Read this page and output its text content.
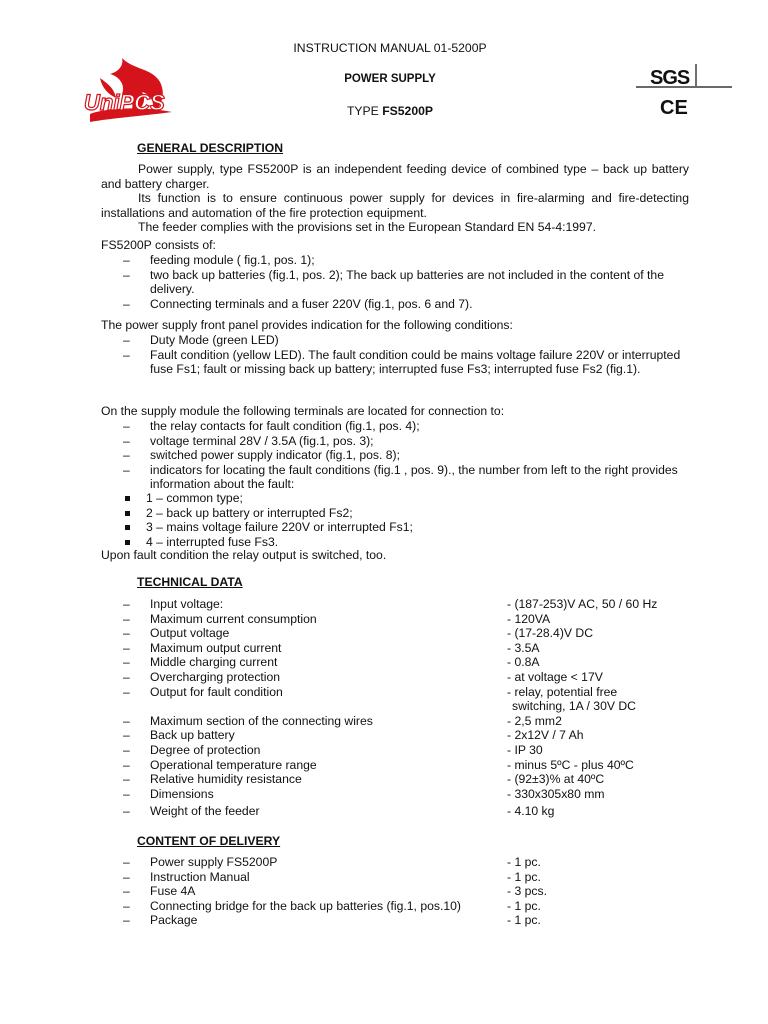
UniPCS
SGS
CE
INSTRUCTION MANUAL 01-5200P
POWER SUPPLY
TYPE FS5200P
GENERAL DESCRIPTION

Power supply, type FS5200P is an independent feeding device of combined type – back up battery and battery charger.

Its function is to ensure continuous power supply for devices in fire-alarming and fire-detecting installations and automation of the fire protection equipment.

The feeder complies with the provisions set in the European Standard EN 54-4:1997.

FS5200P consists of:
– feeding module ( fig.1, pos. 1);
– two back up batteries (fig.1, pos. 2); The back up batteries are not included in the content of the delivery.
– Connecting terminals and a fuser 220V (fig.1, pos. 6 and 7).
The power supply front panel provides indication for the following conditions:
– Duty Mode (green LED)
– Fault condition (yellow LED). The fault condition could be mains voltage failure 220V or interrupted fuse Fs1; fault or missing back up battery; interrupted fuse Fs3; interrupted fuse Fs2 (fig.1).
On the supply module the following terminals are located for connection to:
– the relay contacts for fault condition (fig.1, pos. 4);
– voltage terminal 28V / 3.5A (fig.1, pos. 3);
– switched power supply indicator (fig.1, pos. 8);
– indicators for locating the fault conditions (fig.1 , pos. 9)., the number from left to the right provides information about the fault:
1 – common type;
2 – back up battery or interrupted Fs2;
3 – mains voltage failure 220V or interrupted Fs1;
4 – interrupted fuse Fs3.
Upon fault condition the relay output is switched, too.
TECHNICAL DATA
–	Input voltage:	- (187-253)V AC, 50 / 60 Hz
–	Maximum current consumption	- 120VA
–	Output voltage	- (17-28.4)V DC
–	Maximum output current	- 3.5A
–	Middle charging current	- 0.8A
–	Overcharging protection	- at voltage < 17V
–	Output for fault condition	- relay, potential free
switching, 1A / 30V DC

–	Maximum section of the connecting wires	- 2,5 mm2
–	Back up battery	- 2x12V / 7 Ah
–	Degree of protection	- IP 30
–	Operational temperature range	- minus 5ºC - plus 40ºC
–	Relative humidity resistance	- (92±3)% at 40ºC
–	Dimensions	- 330x305x80 mm
–	Weight of the feeder	- 4.10 kg
CONTENT OF DELIVERY
–	Power supply FS5200P	- 1 pc.
–	Instruction Manual	- 1 pc.
–	Fuse 4A	- 3 pcs.
–	Connecting bridge for the back up batteries (fig.1, pos.10)	- 1 pc.
–	Package	- 1 pc.
